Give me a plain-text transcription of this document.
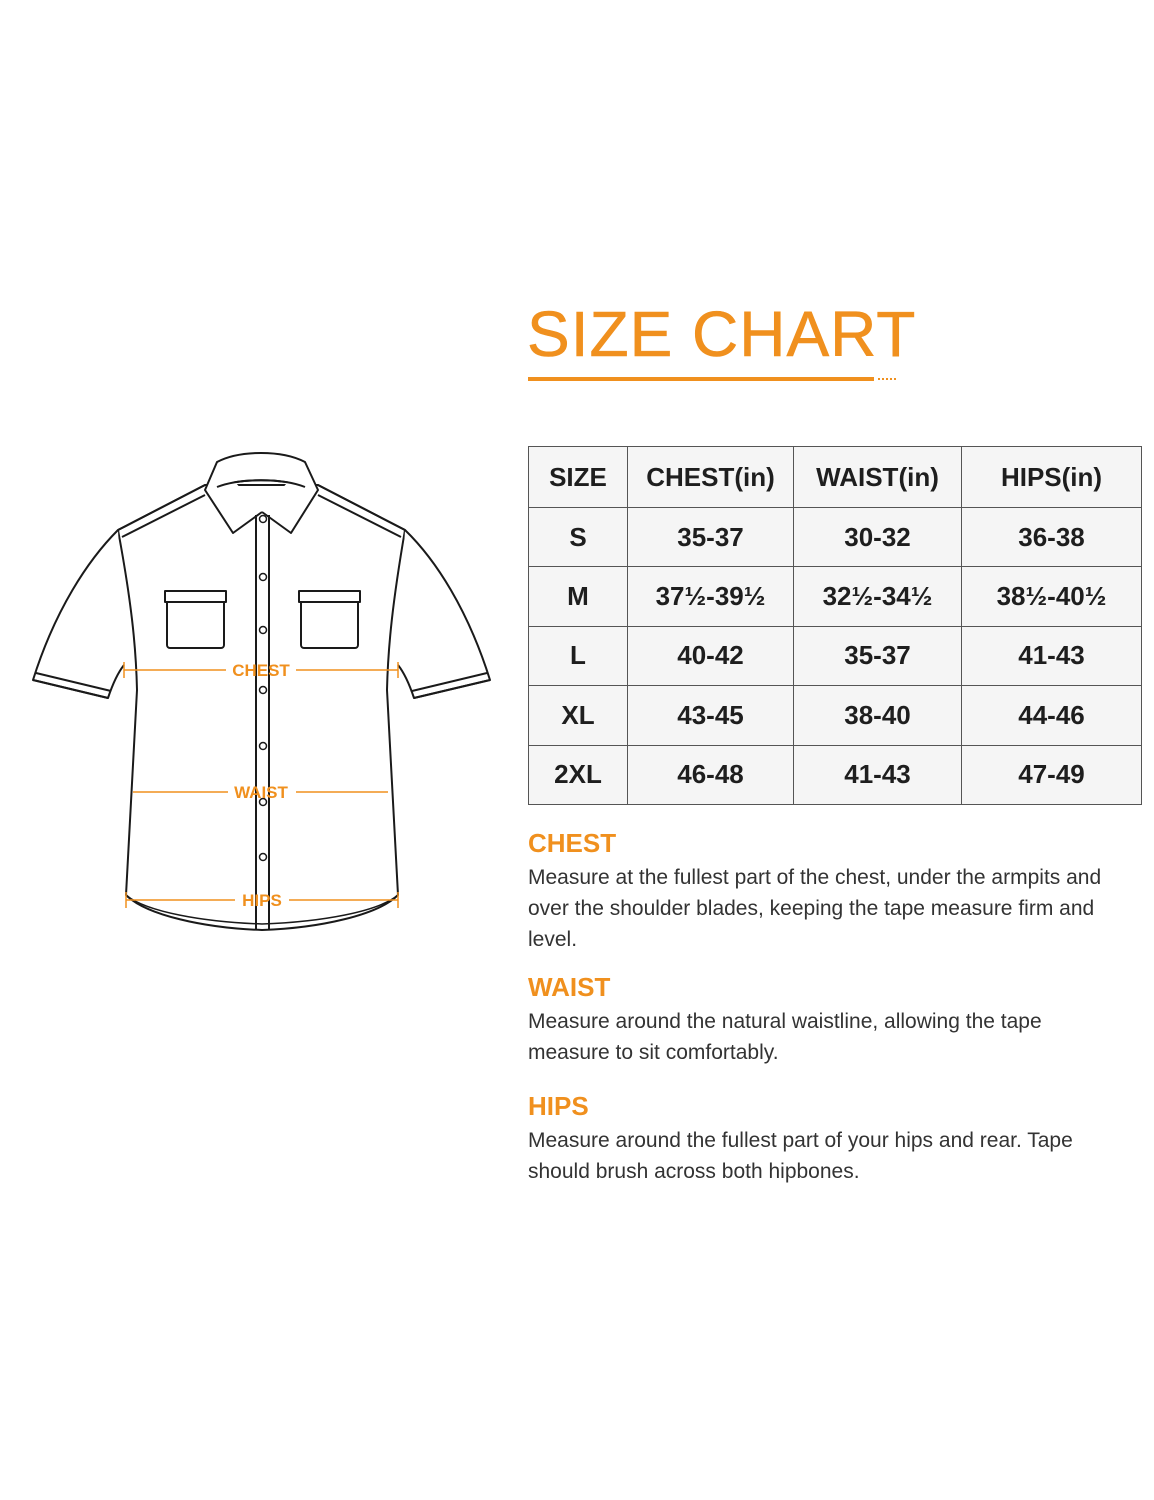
CHEST
WAIST
HIPS
SIZE CHART
SIZE	CHEST(in)	WAIST(in)	HIPS(in)
S	35-37	30-32	36-38
M	37½-39½	32½-34½	38½-40½
L	40-42	35-37	41-43
XL	43-45	38-40	44-46
2XL	46-48	41-43	47-49
CHEST

Measure at the fullest part of the chest, under the armpits and over the shoulder blades, keeping the tape measure firm and level.

WAIST

Measure around the natural waistline, allowing the tape measure to sit comfortably.

HIPS

Measure around the fullest part of your hips and rear. Tape should brush across both hipbones.
